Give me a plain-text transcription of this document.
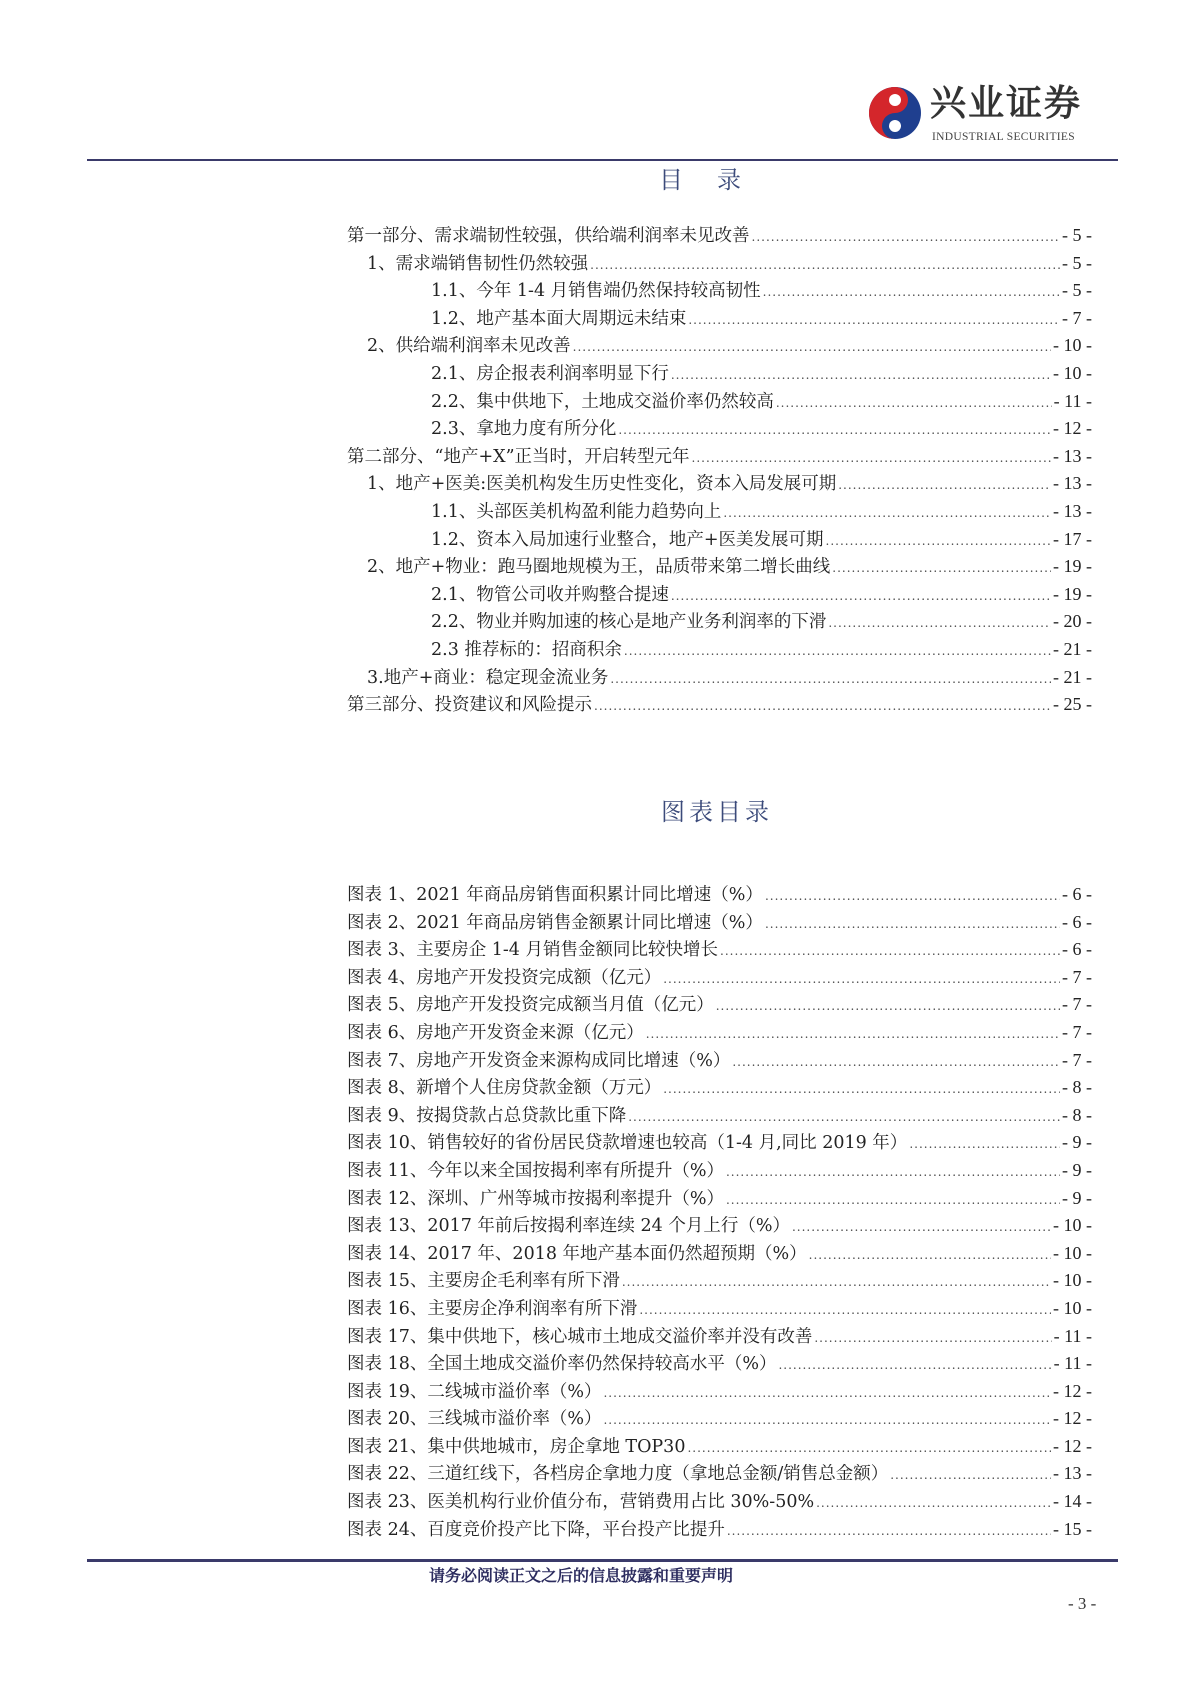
兴业证券
INDUSTRIAL SECURITIES
目录
第一部分、需求端韧性较强，供给端利润率未见改善 .....	- 5 -
1、需求端销售韧性仍然较强 .....	- 5 -
1.1、今年 1-4 月销售端仍然保持较高韧性 .....	- 5 -
1.2、地产基本面大周期远未结束 .....	- 7 -
2、供给端利润率未见改善 .....	- 10 -
2.1、房企报表利润率明显下行 .....	- 10 -
2.2、集中供地下，土地成交溢价率仍然较高 .....	- 11 -
2.3、拿地力度有所分化 .....	- 12 -
第二部分、“地产+X”正当时，开启转型元年 .....	- 13 -
1、地产+医美:医美机构发生历史性变化，资本入局发展可期 .....	- 13 -
1.1、头部医美机构盈利能力趋势向上 .....	- 13 -
1.2、资本入局加速行业整合，地产+医美发展可期 .....	- 17 -
2、地产+物业：跑马圈地规模为王，品质带来第二增长曲线 .....	- 19 -
2.1、物管公司收并购整合提速 .....	- 19 -
2.2、物业并购加速的核心是地产业务利润率的下滑 .....	- 20 -
2.3 推荐标的：招商积余 .....	- 21 -
3.地产+商业：稳定现金流业务 .....	- 21 -
第三部分、投资建议和风险提示 .....	- 25 -
图表目录
图表 1、2021 年商品房销售面积累计同比增速（%） .....	- 6 -
图表 2、2021 年商品房销售金额累计同比增速（%） .....	- 6 -
图表 3、主要房企 1-4 月销售金额同比较快增长 .....	- 6 -
图表 4、房地产开发投资完成额（亿元） .....	- 7 -
图表 5、房地产开发投资完成额当月值（亿元） .....	- 7 -
图表 6、房地产开发资金来源（亿元） .....	- 7 -
图表 7、房地产开发资金来源构成同比增速（%） .....	- 7 -
图表 8、新增个人住房贷款金额（万元） .....	- 8 -
图表 9、按揭贷款占总贷款比重下降 .....	- 8 -
图表 10、销售较好的省份居民贷款增速也较高（1-4 月,同比 2019 年） .....	- 9 -
图表 11、今年以来全国按揭利率有所提升（%） .....	- 9 -
图表 12、深圳、广州等城市按揭利率提升（%） .....	- 9 -
图表 13、2017 年前后按揭利率连续 24 个月上行（%） .....	- 10 -
图表 14、2017 年、2018 年地产基本面仍然超预期（%） .....	- 10 -
图表 15、主要房企毛利率有所下滑 .....	- 10 -
图表 16、主要房企净利润率有所下滑 .....	- 10 -
图表 17、集中供地下，核心城市土地成交溢价率并没有改善 .....	- 11 -
图表 18、全国土地成交溢价率仍然保持较高水平（%） .....	- 11 -
图表 19、二线城市溢价率（%） .....	- 12 -
图表 20、三线城市溢价率（%） .....	- 12 -
图表 21、集中供地城市，房企拿地 TOP30 .....	- 12 -
图表 22、三道红线下，各档房企拿地力度（拿地总金额/销售总金额） .....	- 13 -
图表 23、医美机构行业价值分布，营销费用占比 30%-50% .....	- 14 -
图表 24、百度竞价投产比下降，平台投产比提升 .....	- 15 -
请务必阅读正文之后的信息披露和重要声明
- 3 -
